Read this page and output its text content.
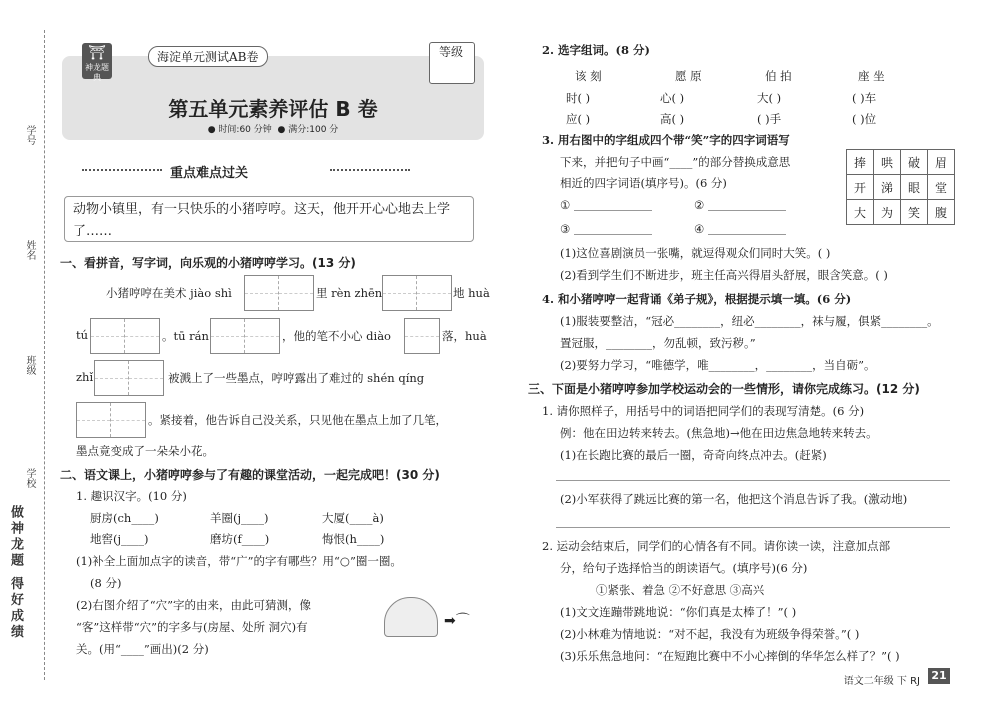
学号
姓名
班级
学校
做神龙题 得好成绩
⛩
神龙题典
海淀单元测试AB卷	等级
第五单元素养评估 B 卷
● 时间:60 分钟  ● 满分:100 分
重点难点过关
动物小镇里，有一只快乐的小猪哼哼。这天，他开开心心地去上学了……
一、看拼音，写字词，向乐观的小猪哼哼学习。(13 分)
小猪哼哼在美术 jiào shì	里 rèn zhēn	地 huà
tú	。tū rán	，他的笔不小心 diào	落，huà
zhǐ	被溅上了一些墨点，哼哼露出了难过的 shén qíng
。紧接着，他告诉自己没关系，只见他在墨点上加了几笔，
墨点竟变成了一朵朵小花。
二、语文课上，小猪哼哼参与了有趣的课堂活动，一起完成吧！(30 分)
1. 趣识汉字。(10 分)
厨房(ch____)	羊圈(j____)	大厦(____à)
地窖(j____)	磨坊(f____)	悔恨(h____)
(1)补全上面加点字的读音，带“广”的字有哪些？用“○”圈一圈。
(8 分)
(2)右图介绍了“穴”字的由来，由此可猜测，像
“客”这样带“穴”的字多与(房屋、处所 洞穴)有
关。(用“____”画出)(2 分)
➡⌒
2. 选字组词。(8 分)
该 刻	愿 原	伯 拍	座 坐
时( )	心( )	大( )	( )车
应( )	高( )	( )手	( )位
3. 用右图中的字组成四个带“笑”字的四字词语写
下来，并把句子中画“____”的部分替换成意思
相近的四字词语(填序号)。(6 分)
①	②
③	④
捧	哄	破	眉
开	涕	眼	堂
大	为	笑	腹
(1)这位喜剧演员一张嘴，就逗得观众们同时大笑。( )
(2)看到学生们不断进步，班主任高兴得眉头舒展，眼含笑意。( )
4. 和小猪哼哼一起背诵《弟子规》，根据提示填一填。(6 分)
(1)服装要整洁，“冠必________，纽必________，袜与履，俱紧________。
置冠服，________，勿乱顿，致污秽。”
(2)要努力学习，“唯德学，唯________，________，当自砺”。
三、下面是小猪哼哼参加学校运动会的一些情形，请你完成练习。(12 分)
1. 请你照样子，用括号中的词语把同学们的表现写清楚。(6 分)
例：他在田边转来转去。(焦急地)→他在田边焦急地转来转去。
(1)在长跑比赛的最后一圈，奇奇向终点冲去。(赶紧)
(2)小军获得了跳远比赛的第一名，他把这个消息告诉了我。(激动地)
2. 运动会结束后，同学们的心情各有不同。请你读一读，注意加点部
分，给句子选择恰当的朗读语气。(填序号)(6 分)
①紧张、着急 ②不好意思 ③高兴
(1)文文连蹦带跳地说：“你们真是太棒了！”( )
(2)小林难为情地说：“对不起，我没有为班级争得荣誉。”( )
(3)乐乐焦急地问：“在短跑比赛中不小心摔倒的华华怎么样了？”( )
语文二年级 下 RJ	21
